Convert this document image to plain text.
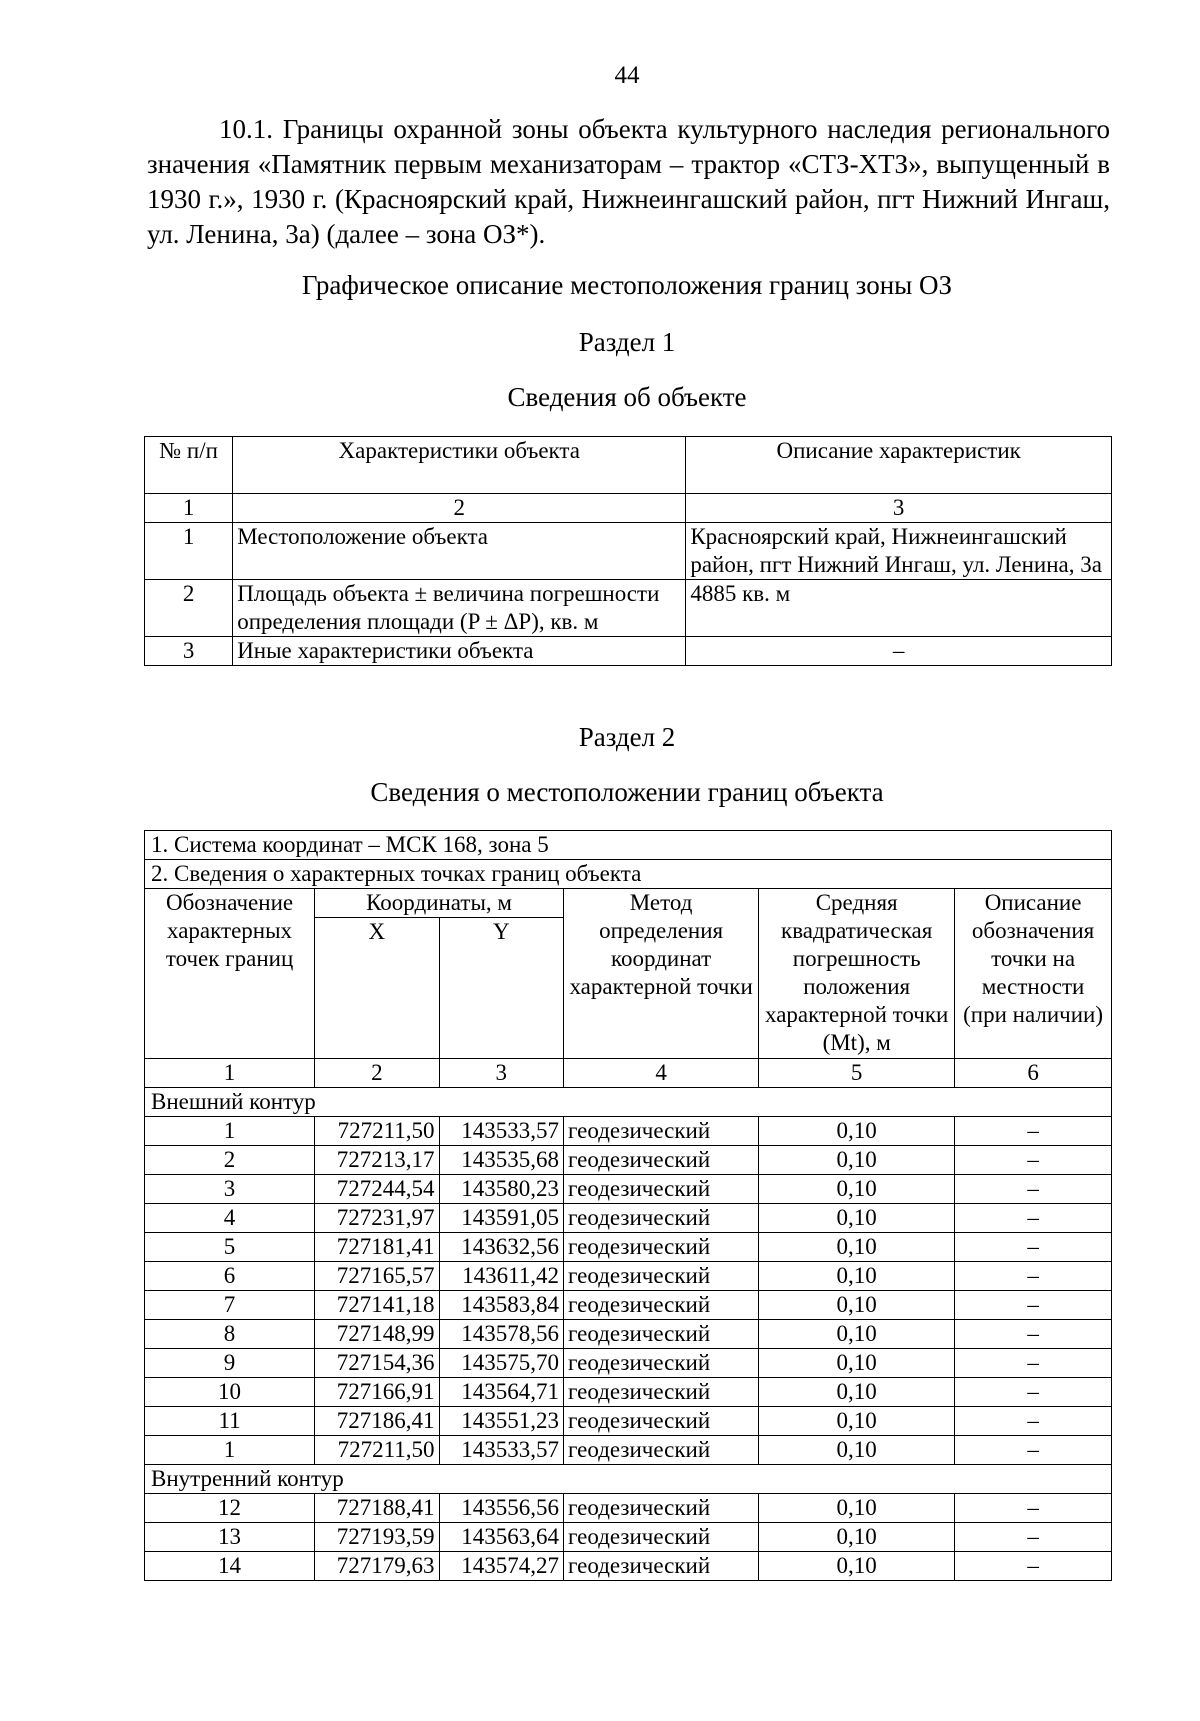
44

10.1. Границы охранной зоны объекта культурного наследия регионального значения «Памятник первым механизаторам – трактор «СТЗ-ХТЗ», выпущенный в 1930 г.», 1930 г. (Красноярский край, Нижнеингашский район, пгт Нижний Ингаш, ул. Ленина, 3а) (далее – зона ОЗ*).

Графическое описание местоположения границ зоны ОЗ
Раздел 1
Сведения об объекте
№ п/п	Характеристики объекта	Описание характеристик
1	2	3
1	Местоположение объекта	Красноярский край, Нижнеингашский район, пгт Нижний Ингаш, ул. Ленина, 3а
2	Площадь объекта ± величина погрешности определения площади (P ± ΔP), кв. м	4885 кв. м
3	Иные характеристики объекта	–
Раздел 2
Сведения о местоположении границ объекта
1. Система координат – МСК 168, зона 5					
2. Сведения о характерных точках границ объекта					
Обозначение характерных точек границ	Координаты, м		Метод определения координат характерной точки	Средняя квадратическая погрешность положения характерной точки (Mt), м	Описание обозначения точки на местности (при наличии)
	X	Y			
1	2	3	4	5	6
Внешний контур					
1	727211,50	143533,57	геодезический	0,10	–
2	727213,17	143535,68	геодезический	0,10	–
3	727244,54	143580,23	геодезический	0,10	–
4	727231,97	143591,05	геодезический	0,10	–
5	727181,41	143632,56	геодезический	0,10	–
6	727165,57	143611,42	геодезический	0,10	–
7	727141,18	143583,84	геодезический	0,10	–
8	727148,99	143578,56	геодезический	0,10	–
9	727154,36	143575,70	геодезический	0,10	–
10	727166,91	143564,71	геодезический	0,10	–
11	727186,41	143551,23	геодезический	0,10	–
1	727211,50	143533,57	геодезический	0,10	–
Внутренний контур					
12	727188,41	143556,56	геодезический	0,10	–
13	727193,59	143563,64	геодезический	0,10	–
14	727179,63	143574,27	геодезический	0,10	–
